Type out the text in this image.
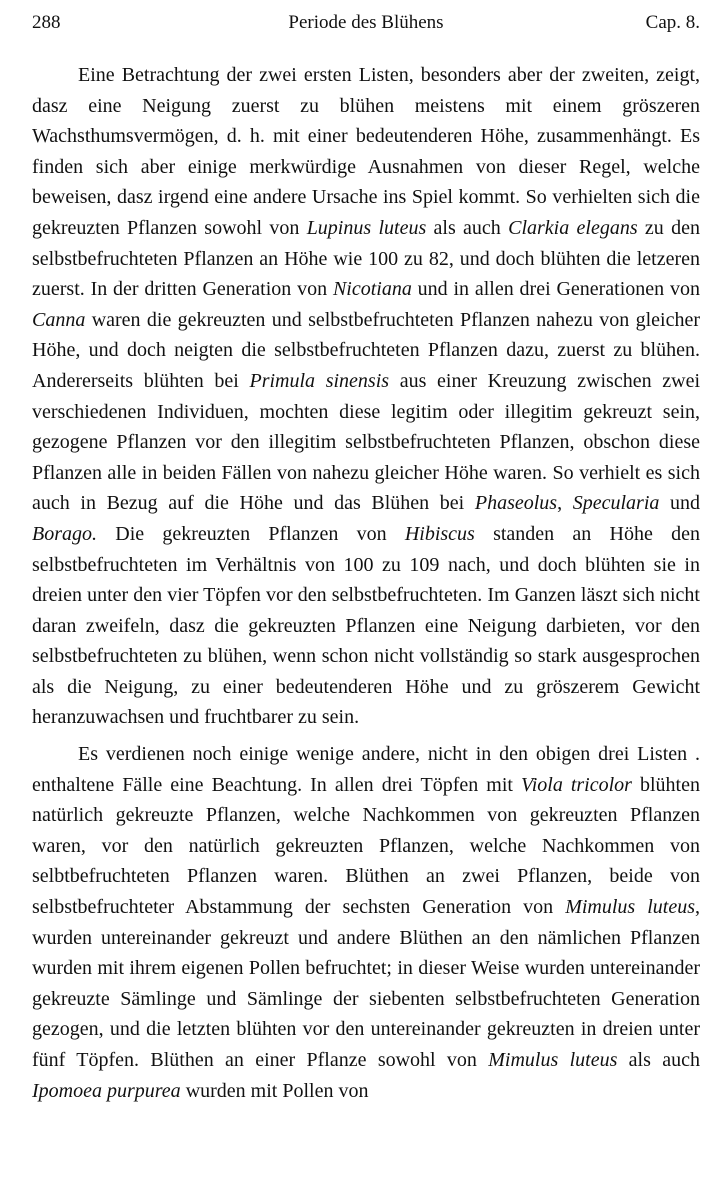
288	Periode des Blühens	Cap. 8.

Eine Betrachtung der zwei ersten Listen, besonders aber der zweiten, zeigt, dasz eine Neigung zuerst zu blühen meistens mit einem gröszeren Wachsthumsvermögen, d. h. mit einer bedeutenderen Höhe, zusammenhängt. Es finden sich aber einige merkwürdige Ausnahmen von dieser Regel, welche beweisen, dasz irgend eine andere Ursache ins Spiel kommt. So verhielten sich die gekreuzten Pflanzen sowohl von Lupinus luteus als auch Clarkia elegans zu den selbstbefruchteten Pflanzen an Höhe wie 100 zu 82, und doch blühten die letzeren zuerst. In der dritten Generation von Nicotiana und in allen drei Generationen von Canna waren die gekreuzten und selbstbefruchteten Pflanzen nahezu von gleicher Höhe, und doch neigten die selbstbefruchteten Pflanzen dazu, zuerst zu blühen. Andererseits blühten bei Primula sinensis aus einer Kreuzung zwischen zwei verschiedenen Individuen, mochten diese legitim oder illegitim gekreuzt sein, gezogene Pflanzen vor den illegitim selbstbefruchteten Pflanzen, obschon diese Pflanzen alle in beiden Fällen von nahezu gleicher Höhe waren. So verhielt es sich auch in Bezug auf die Höhe und das Blühen bei Phaseolus, Specularia und Borago. Die gekreuzten Pflanzen von Hibiscus standen an Höhe den selbstbefruchteten im Verhältnis von 100 zu 109 nach, und doch blühten sie in dreien unter den vier Töpfen vor den selbstbefruchteten. Im Ganzen läszt sich nicht daran zweifeln, dasz die gekreuzten Pflanzen eine Neigung darbieten, vor den selbstbefruchteten zu blühen, wenn schon nicht vollständig so stark ausgesprochen als die Neigung, zu einer bedeutenderen Höhe und zu gröszerem Gewicht heranzuwachsen und fruchtbarer zu sein.

Es verdienen noch einige wenige andere, nicht in den obigen drei Listen . enthaltene Fälle eine Beachtung. In allen drei Töpfen mit Viola tricolor blühten natürlich gekreuzte Pflanzen, welche Nachkommen von gekreuzten Pflanzen waren, vor den natürlich gekreuzten Pflanzen, welche Nachkommen von selbtbefruchteten Pflanzen waren. Blüthen an zwei Pflanzen, beide von selbstbefruchteter Abstammung der sechsten Generation von Mimulus luteus, wurden untereinander gekreuzt und andere Blüthen an den nämlichen Pflanzen wurden mit ihrem eigenen Pollen befruchtet; in dieser Weise wurden untereinander gekreuzte Sämlinge und Sämlinge der siebenten selbstbefruchteten Generation gezogen, und die letzten blühten vor den untereinander gekreuzten in dreien unter fünf Töpfen. Blüthen an einer Pflanze sowohl von Mimulus luteus als auch Ipomoea purpurea wurden mit Pollen von
